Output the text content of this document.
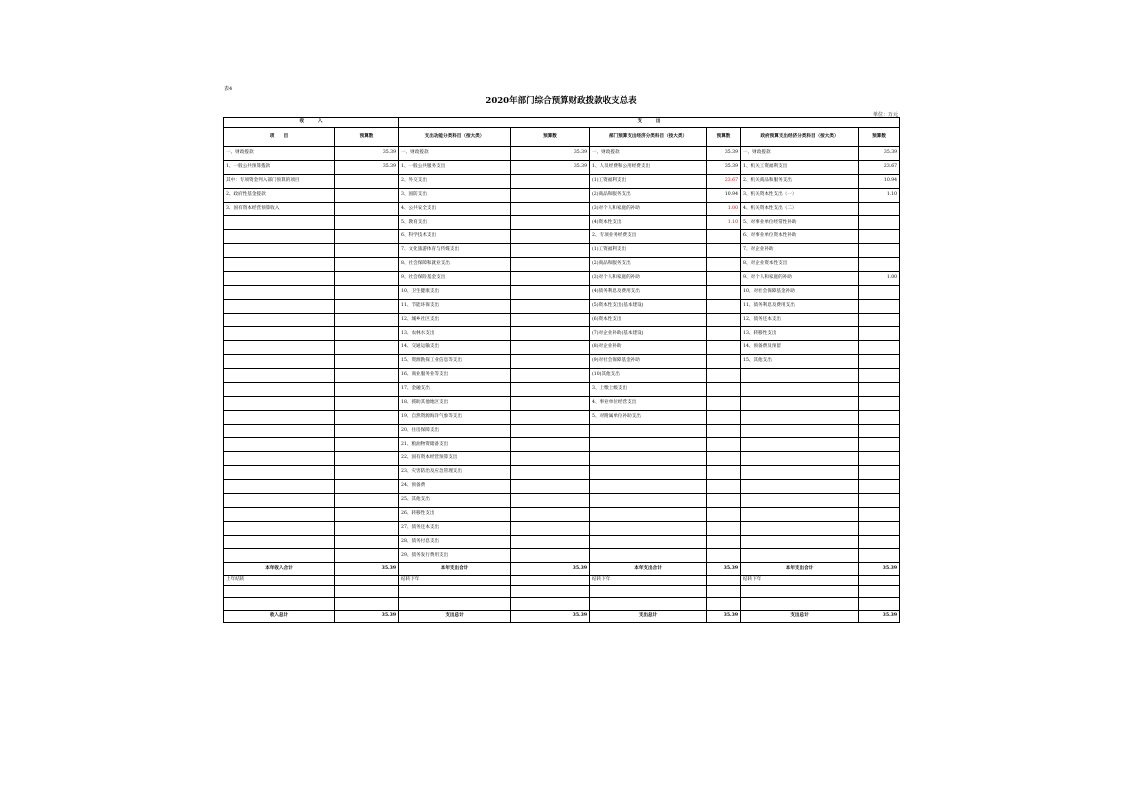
表4
2020年部门综合预算财政拨款收支总表
单位：万元
收　　　入		支　　　出					
项　　目	预算数	支出功能分类科目（按大类）	预算数	部门预算支出经济分类科目（按大类）	预算数	政府预算支出经济分类科目（按大类）	预算数
一、财政拨款	35.39	一、财政拨款	35.39	一、财政拨款	35.39	一、财政拨款	35.39
1、一般公共预算拨款	35.39	1、一般公共服务支出	35.39	1、人员经费和公用经费支出	35.39	1、机关工资福利支出	23.67
其中：专项资金列入部门预算的项目		2、外交支出		(1)工资福利支出	23.67	2、机关商品和服务支出	10.94
2、政府性基金拨款		3、国防支出		(2)商品和服务支出	10.94	3、机关资本性支出（一）	1.10
3、国有资本经营预算收入		4、公共安全支出		(3)对个人和家庭的补助	1.00	4、机关资本性支出（二）	
		5、教育支出		(4)资本性支出	1.10	5、对事业单位经常性补助	
		6、科学技术支出		2、专项业务经费支出		6、对事业单位资本性补助	
		7、文化旅游体育与传媒支出		(1)工资福利支出		7、对企业补助	
		8、社会保障和就业支出		(2)商品和服务支出		8、对企业资本性支出	
		9、社会保险基金支出		(3)对个人和家庭的补助		9、对个人和家庭的补助	1.00
		10、卫生健康支出		(4)债务利息及费用支出		10、对社会保障基金补助	
		11、节能环保支出		(5)资本性支出(基本建设)		11、债务利息及费用支出	
		12、城乡社区支出		(6)资本性支出		12、债务还本支出	
		13、农林水支出		(7)对企业补助(基本建设)		13、转移性支出	
		14、交通运输支出		(8)对企业补助		14、预备费及预留	
		15、资源勘探工业信息等支出		(9)对社会保障基金补助		15、其他支出	
		16、商业服务业等支出		(10)其他支出			
		17、金融支出		3、上缴上级支出			
		18、援助其他地区支出		4、事业单位经营支出			
		19、自然资源海洋气象等支出		5、对附属单位补助支出			
		20、住房保障支出					
		21、粮油物资储备支出					
		22、国有资本经营预算支出					
		23、灾害防治及应急管理支出					
		24、预备费					
		25、其他支出					
		26、转移性支出					
		27、债务还本支出					
		28、债务付息支出					
		29、债务发行费用支出					
本年收入合计	35.39	本年支出合计	35.39	本年支出合计	35.39	本年支出合计	35.39
上年结转		结转下年		结转下年		结转下年	

收入总计	35.39	支出总计	35.39	支出总计	35.39	支出总计	35.39
